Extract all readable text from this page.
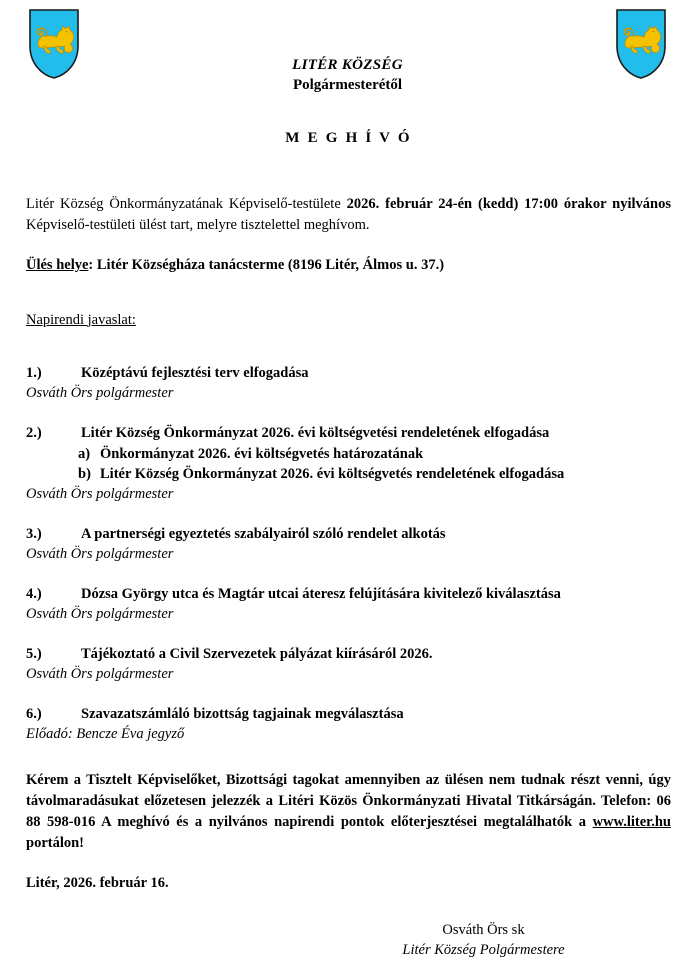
LITÉR KÖZSÉG
Polgármesterétől
M E G H Í V Ó

Litér Község Önkormányzatának Képviselő-testülete 2026. február 24-én (kedd) 17:00 órakor nyilvános Képviselő-testületi ülést tart, melyre tisztelettel meghívom.

Ülés helye: Litér Községháza tanácsterme (8196 Litér, Álmos u. 37.)

Napirendi javaslat:
1.)	Középtávú fejlesztési terv elfogadása
Osváth Örs polgármester
2.)	Litér Község Önkormányzat 2026. évi költségvetési rendeletének elfogadása
a) Önkormányzat 2026. évi költségvetés határozatának
b) Litér Község Önkormányzat 2026. évi költségvetés rendeletének elfogadása
Osváth Örs polgármester
3.)	A partnerségi egyeztetés szabályairól szóló rendelet alkotás
Osváth Örs polgármester
4.)	Dózsa György utca és Magtár utcai áteresz felújítására kivitelező kiválasztása
Osváth Örs polgármester
5.)	Tájékoztató a Civil Szervezetek pályázat kiírásáról 2026.
Osváth Örs polgármester
6.)	Szavazatszámláló bizottság tagjainak megválasztása
Előadó: Bencze Éva jegyző

Kérem a Tisztelt Képviselőket, Bizottsági tagokat amennyiben az ülésen nem tudnak részt venni, úgy távolmaradásukat előzetesen jelezzék a Litéri Közös Önkormányzati Hivatal Titkárságán. Telefon: 06 88 598-016 A meghívó és a nyilvános napirendi pontok előterjesztései megtalálhatók a www.liter.hu portálon!

Litér, 2026. február 16.
Osváth Örs sk
Litér Község Polgármestere
